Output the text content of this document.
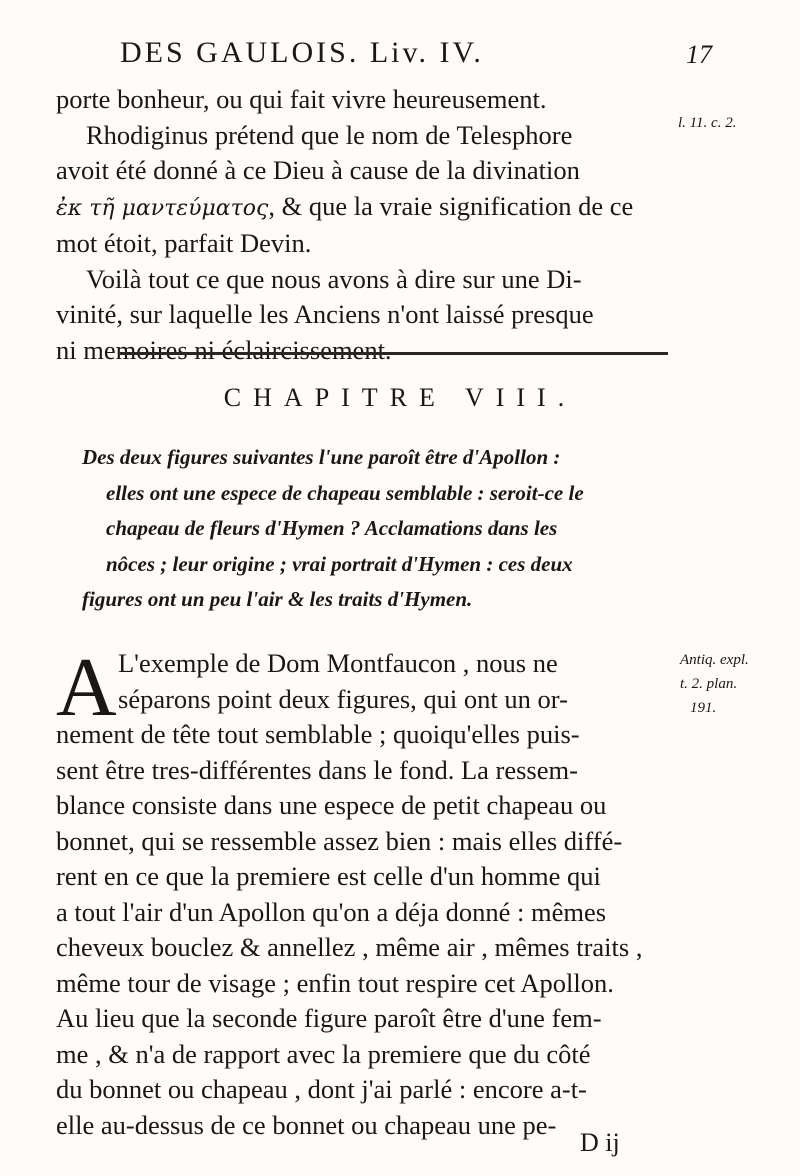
DES GAULOIS. Liv. IV.	17
porte bonheur, ou qui fait vivre heureusement.
Rhodiginus prétend que le nom de Telesphore
avoit été donné à ce Dieu à cause de la divination
ἐκ τῆ μαντεύματος, & que la vraie signification de ce
mot étoit, parfait Devin.
Voilà tout ce que nous avons à dire sur une Di-
vinité, sur laquelle les Anciens n'ont laissé presque
ni memoires ni éclaircissement.
l. 11. c. 2.
CHAPITRE VIII.
Des deux figures suivantes l'une paroît être d'Apollon :
elles ont une espece de chapeau semblable : seroit-ce le
chapeau de fleurs d'Hymen ? Acclamations dans les
nôces ; leur origine ; vrai portrait d'Hymen : ces deux
figures ont un peu l'air & les traits d'Hymen.
A L'exemple de Dom Montfaucon , nous ne
séparons point deux figures, qui ont un or-
nement de tête tout semblable ; quoiqu'elles puis-
sent être tres-différentes dans le fond. La ressem-
blance consiste dans une espece de petit chapeau ou
bonnet, qui se ressemble assez bien : mais elles diffé-
rent en ce que la premiere est celle d'un homme qui
a tout l'air d'un Apollon qu'on a déja donné : mêmes
cheveux bouclez & annellez , même air , mêmes traits ,
même tour de visage ; enfin tout respire cet Apollon.
Au lieu que la seconde figure paroît être d'une fem-
me , & n'a de rapport avec la premiere que du côté
du bonnet ou chapeau , dont j'ai parlé : encore a-t-
elle au-dessus de ce bonnet ou chapeau une pe-
Antiq. expl.
t. 2. plan.
191.
D ij
